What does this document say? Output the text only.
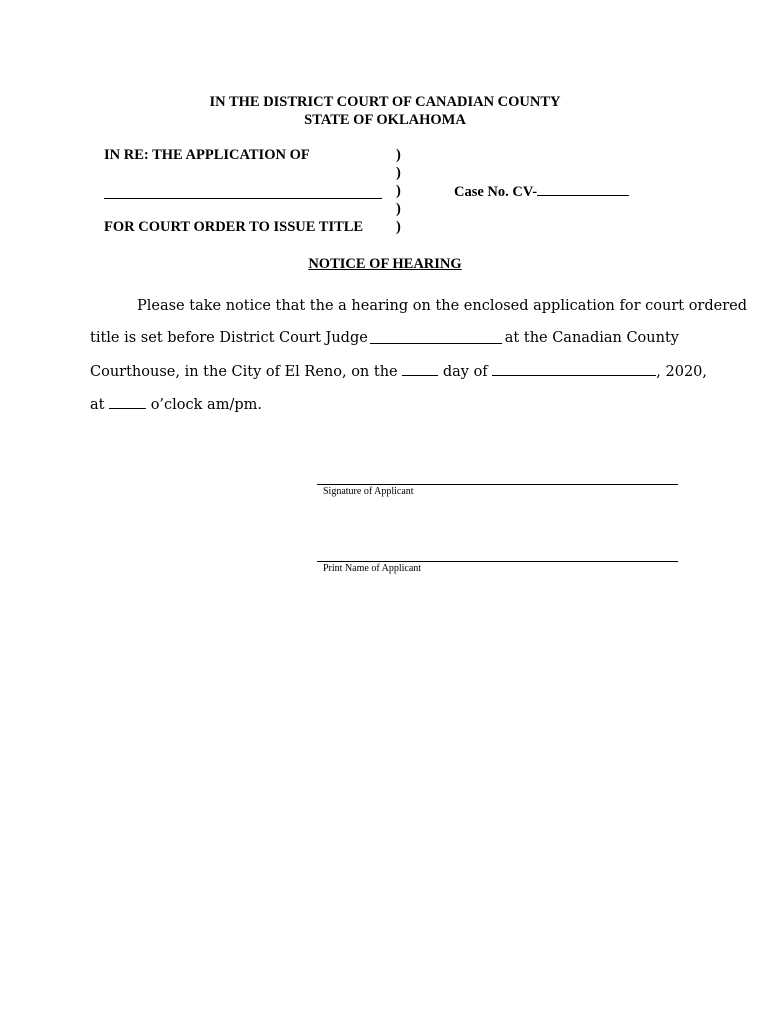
IN THE DISTRICT COURT OF CANADIAN COUNTY
STATE OF OKLAHOMA
IN RE: THE APPLICATION OF
FOR COURT ORDER TO ISSUE TITLE
)
)
)
)
)
Case No. CV-
NOTICE OF HEARING
Please take notice that the a hearing on the enclosed application for court ordered
title is set before District Court Judge	at the Canadian County
Courthouse, in the City of El Reno, on the	day of	, 2020,
at	o’clock am/pm.
Signature of Applicant
Print Name of Applicant
